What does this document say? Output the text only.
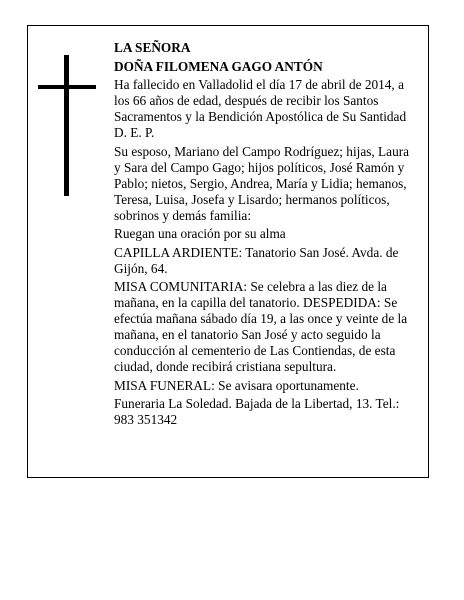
LA SEÑORA

DOÑA FILOMENA GAGO ANTÓN

Ha fallecido en Valladolid el día 17 de abril de 2014, a los 66 años de edad, después de recibir los Santos Sacramentos y la Bendición Apostólica de Su Santidad D. E. P.

Su esposo, Mariano del Campo Rodríguez; hijas, Laura y Sara del Campo Gago; hijos políticos, José Ramón y Pablo; nietos, Sergio, Andrea, María y Lidia; hemanos, Teresa, Luisa, Josefa y Lisardo; hermanos políticos, sobrinos y demás familia:

Ruegan una oración por su alma

CAPILLA ARDIENTE: Tanatorio San José. Avda. de Gijón, 64.

MISA COMUNITARIA: Se celebra a las diez de la mañana, en la capilla del tanatorio. DESPEDIDA: Se efectúa mañana sábado día 19, a las once y veinte de la mañana, en el tanatorio San José y acto seguido la conducción al cementerio de Las Contiendas, de esta ciudad, donde recibirá cristiana sepultura.

MISA FUNERAL: Se avisara oportunamente.

Funeraria La Soledad. Bajada de la Libertad, 13. Tel.: 983 351342
